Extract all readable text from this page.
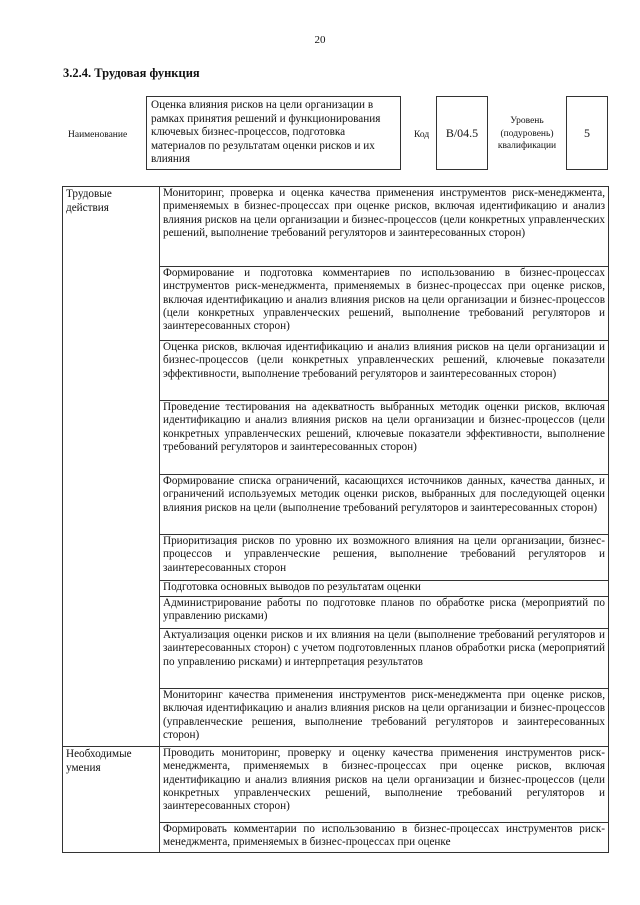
20
3.2.4. Трудовая функция
Наименование
Оценка влияния рисков на цели организации в рамках принятия решений и функционирования ключевых бизнес-процессов, подготовка материалов по результатам оценки рисков и их влияния
Код	B/04.5
Уровень (подуровень) квалификации
5
Трудовые действия	Мониторинг, проверка и оценка качества применения инструментов риск-менеджмента, применяемых в бизнес-процессах при оценке рисков, включая идентификацию и анализ влияния рисков на цели организации и бизнес-процессов (цели конкретных управленческих решений, выполнение требований регуляторов и заинтересованных сторон)
	Формирование и подготовка комментариев по использованию в бизнес-процессах инструментов риск-менеджмента, применяемых в бизнес-процессах при оценке рисков, включая идентификацию и анализ влияния рисков на цели организации и бизнес-процессов (цели конкретных управленческих решений, выполнение требований регуляторов и заинтересованных сторон)
	Оценка рисков, включая идентификацию и анализ влияния рисков на цели организации и бизнес-процессов (цели конкретных управленческих решений, ключевые показатели эффективности, выполнение требований регуляторов и заинтересованных сторон)
	Проведение тестирования на адекватность выбранных методик оценки рисков, включая идентификацию и анализ влияния рисков на цели организации и бизнес-процессов (цели конкретных управленческих решений, ключевые показатели эффективности, выполнение требований регуляторов и заинтересованных сторон)
	Формирование списка ограничений, касающихся источников данных, качества данных, и ограничений используемых методик оценки рисков, выбранных для последующей оценки влияния рисков на цели (выполнение требований регуляторов и заинтересованных сторон)
	Приоритизация рисков по уровню их возможного влияния на цели организации, бизнес-процессов и управленческие решения, выполнение требований регуляторов и заинтересованных сторон
	Подготовка основных выводов по результатам оценки
	Администрирование работы по подготовке планов по обработке риска (мероприятий по управлению рисками)
	Актуализация оценки рисков и их влияния на цели (выполнение требований регуляторов и заинтересованных сторон) с учетом подготовленных планов обработки риска (мероприятий по управлению рисками) и интерпретация результатов
	Мониторинг качества применения инструментов риск-менеджмента при оценке рисков, включая идентификацию и анализ влияния рисков на цели организации и бизнес-процессов (управленческие решения, выполнение требований регуляторов и заинтересованных сторон)
Необходимые умения	Проводить мониторинг, проверку и оценку качества применения инструментов риск-менеджмента, применяемых в бизнес-процессах при оценке рисков, включая идентификацию и анализ влияния рисков на цели организации и бизнес-процессов (цели конкретных управленческих решений, выполнение требований регуляторов и заинтересованных сторон)
	Формировать комментарии по использованию в бизнес-процессах инструментов риск-менеджмента, применяемых в бизнес-процессах при оценке
